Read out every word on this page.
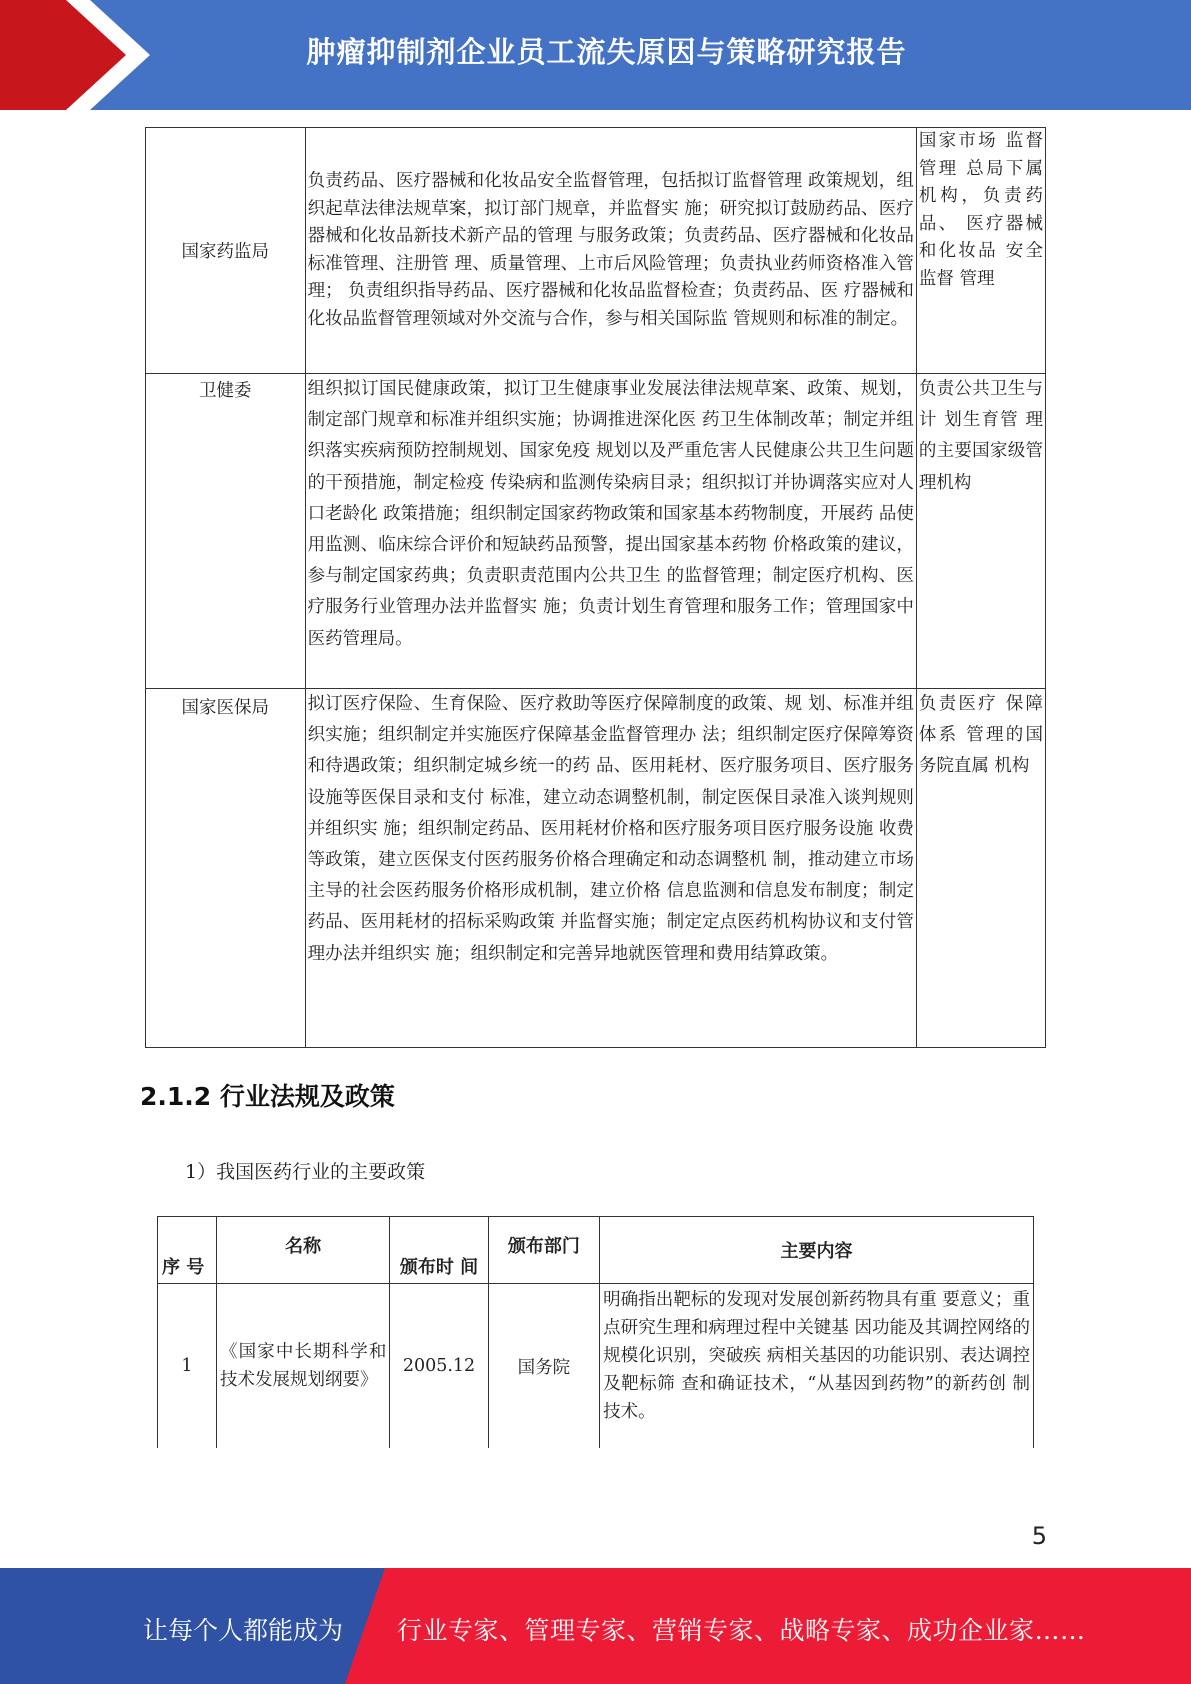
肿瘤抑制剂企业员工流失原因与策略研究报告
国家药监局	负责药品、医疗器械和化妆品安全监督管理，包括拟订监督管理 政策规划，组织起草法律法规草案，拟订部门规章，并监督实 施；研究拟订鼓励药品、医疗器械和化妆品新技术新产品的管理 与服务政策；负责药品、医疗器械和化妆品标准管理、注册管 理、质量管理、上市后风险管理；负责执业药师资格准入管理； 负责组织指导药品、医疗器械和化妆品监督检查；负责药品、医 疗器械和化妆品监督管理领域对外交流与合作，参与相关国际监 管规则和标准的制定。	国家市场 监督管理 总局下属 机构，负责药品、 医疗器械 和化妆品 安全监督 管理
卫健委	组织拟订国民健康政策，拟订卫生健康事业发展法律法规草案、政策、规划，制定部门规章和标准并组织实施；协调推进深化医 药卫生体制改革；制定并组织落实疾病预防控制规划、国家免疫 规划以及严重危害人民健康公共卫生问题的干预措施，制定检疫 传染病和监测传染病目录；组织拟订并协调落实应对人口老龄化 政策措施；组织制定国家药物政策和国家基本药物制度，开展药 品使用监测、临床综合评价和短缺药品预警，提出国家基本药物 价格政策的建议，参与制定国家药典；负责职责范围内公共卫生 的监督管理；制定医疗机构、医疗服务行业管理办法并监督实 施；负责计划生育管理和服务工作；管理国家中医药管理局。	负责公共卫生与计 划生育管 理的主要国家级管 理机构
国家医保局	拟订医疗保险、生育保险、医疗救助等医疗保障制度的政策、规 划、标准并组织实施；组织制定并实施医疗保障基金监督管理办 法；组织制定医疗保障筹资和待遇政策；组织制定城乡统一的药 品、医用耗材、医疗服务项目、医疗服务设施等医保目录和支付 标准，建立动态调整机制，制定医保目录准入谈判规则并组织实 施；组织制定药品、医用耗材价格和医疗服务项目医疗服务设施 收费等政策，建立医保支付医药服务价格合理确定和动态调整机 制，推动建立市场主导的社会医药服务价格形成机制，建立价格 信息监测和信息发布制度；制定药品、医用耗材的招标采购政策 并监督实施；制定定点医药机构协议和支付管理办法并组织实 施；组织制定和完善异地就医管理和费用结算政策。	负责医疗 保障体系 管理的国 务院直属 机构
2.1.2 行业法规及政策
1）我国医药行业的主要政策
序 号	名称	颁布时 间	颁布部门	主要内容
1	《国家中长期科学和技术发展规划纲要》	2005.12	国务院	明确指出靶标的发现对发展创新药物具有重 要意义；重点研究生理和病理过程中关键基 因功能及其调控网络的规模化识别，突破疾 病相关基因的功能识别、表达调控及靶标筛 查和确证技术，“从基因到药物”的新药创 制技术。
5
让每个人都能成为 行业专家、管理专家、营销专家、战略专家、成功企业家……
